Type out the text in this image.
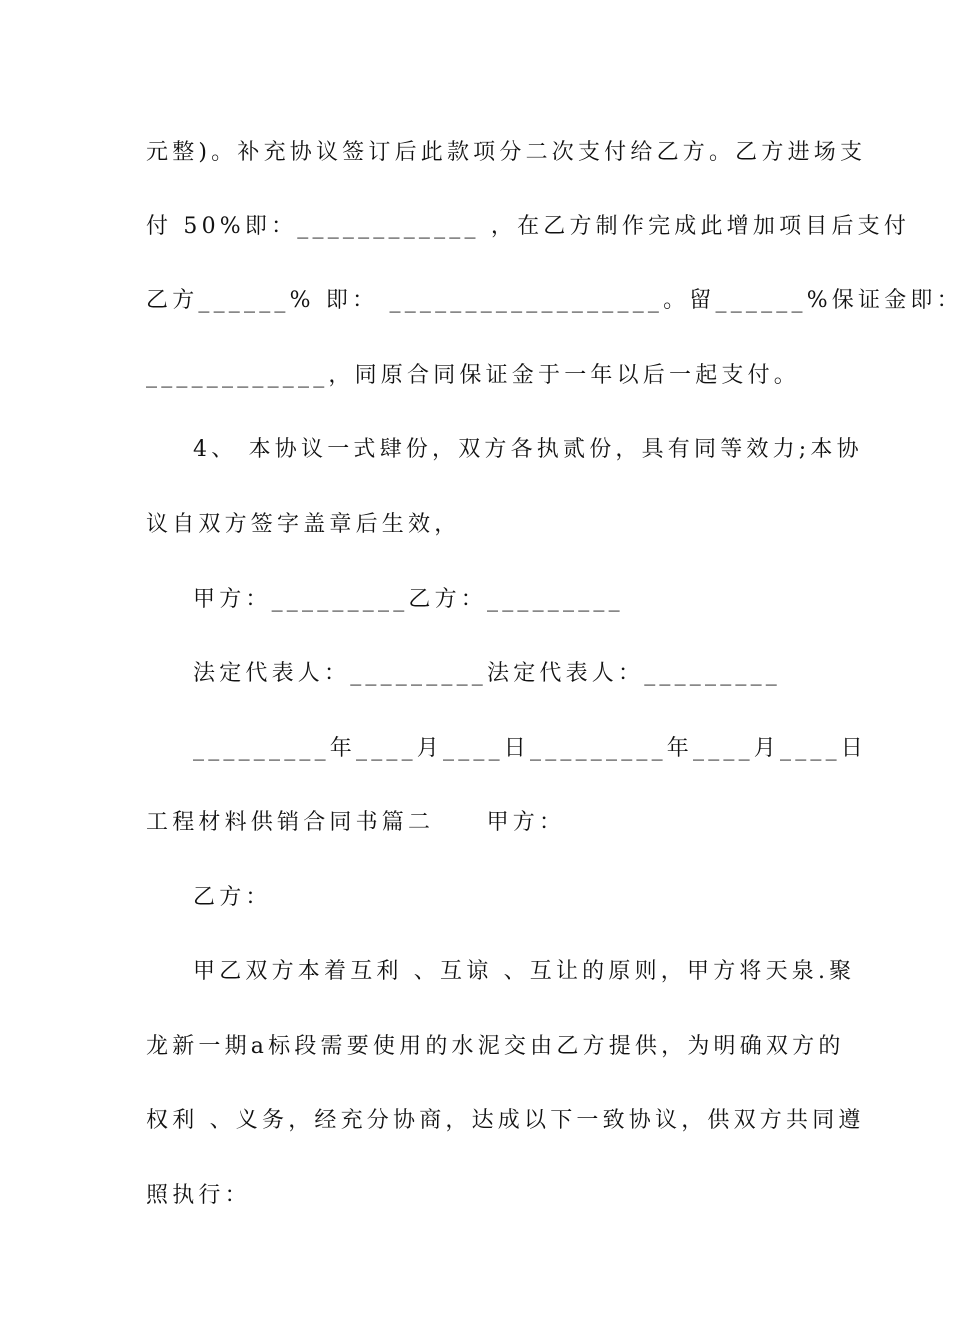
元整)。补充协议签订后此款项分二次支付给乙方。乙方进场支
付 50%即：____________ ，在乙方制作完成此增加项目后支付
乙方______% 即： __________________。留______%保证金即：
____________，同原合同保证金于一年以后一起支付。
4、 本协议一式肆份，双方各执贰份，具有同等效力;本协
议自双方签字盖章后生效，
甲方：_________乙方：_________
法定代表人：_________法定代表人：_________
_________年____月____日_________年____月____日
工程材料供销合同书篇二　　甲方：
乙方：
甲乙双方本着互利 、互谅 、互让的原则，甲方将天泉.聚
龙新一期a标段需要使用的水泥交由乙方提供，为明确双方的
权利 、义务，经充分协商，达成以下一致协议，供双方共同遵
照执行：
